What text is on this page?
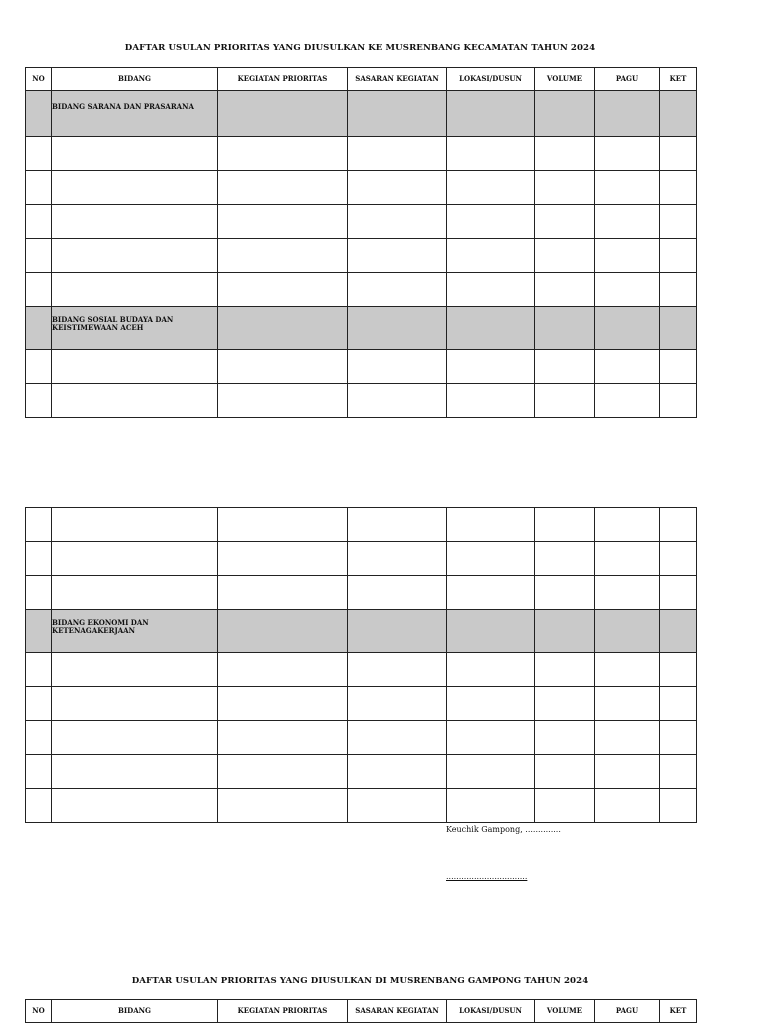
DAFTAR USULAN PRIORITAS YANG DIUSULKAN KE MUSRENBANG KECAMATAN TAHUN 2024
NO	BIDANG	KEGIATAN PRIORITAS	SASARAN KEGIATAN	LOKASI/DUSUN	VOLUME	PAGU	KET
	BIDANG SARANA DAN PRASARANA						

	BIDANG SOSIAL BUDAYA DAN
KEISTIMEWAAN ACEH						

	BIDANG EKONOMI DAN
KETENAGAKERJAAN						

Keuchik Gampong, ..............
................................
DAFTAR USULAN PRIORITAS YANG DIUSULKAN DI MUSRENBANG GAMPONG TAHUN 2024
NO	BIDANG	KEGIATAN PRIORITAS	SASARAN KEGIATAN	LOKASI/DUSUN	VOLUME	PAGU	KET
